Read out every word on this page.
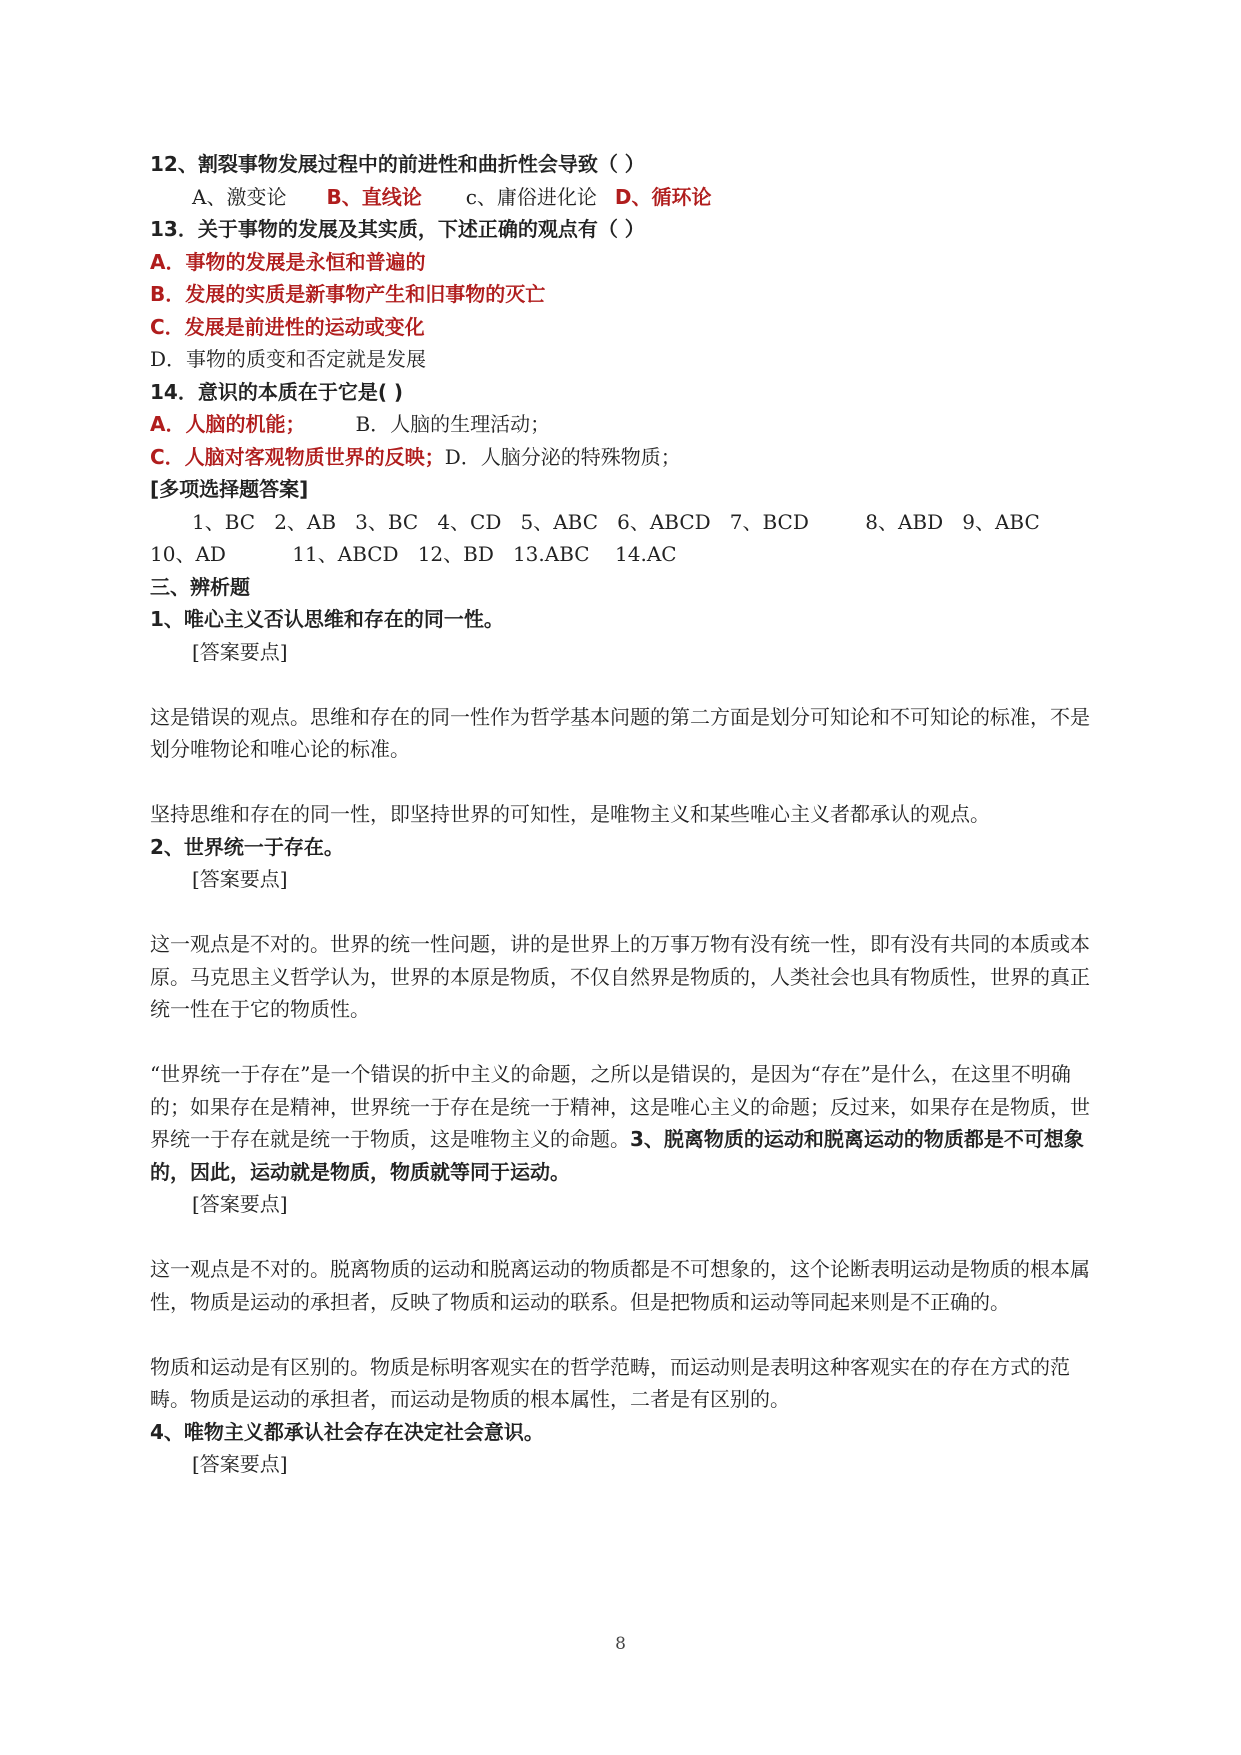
12、割裂事物发展过程中的前进性和曲折性会导致（ ）
A、激变论 B、直线论 c、庸俗进化论 D、循环论
13．关于事物的发展及其实质，下述正确的观点有（ ）
A．事物的发展是永恒和普遍的
B．发展的实质是新事物产生和旧事物的灭亡
C．发展是前进性的运动或变化
D．事物的质变和否定就是发展
14．意识的本质在于它是( )
A．人脑的机能；	B．人脑的生理活动；
C．人脑对客观物质世界的反映；D．人脑分泌的特殊物质；
[多项选择题答案]
1、BC 2、AB 3、BC 4、CD 5、ABC 6、ABCD 7、BCD	8、ABD 9、ABC
10、AD	11、ABCD 12、BD 13.ABC 14.AC
三、辨析题
1、唯心主义否认思维和存在的同一性。
[答案要点]
这是错误的观点。思维和存在的同一性作为哲学基本问题的第二方面是划分可知论和不可知论的标准，不是划分唯物论和唯心论的标准。
坚持思维和存在的同一性，即坚持世界的可知性，是唯物主义和某些唯心主义者都承认的观点。
2、世界统一于存在。
[答案要点]
这一观点是不对的。世界的统一性问题，讲的是世界上的万事万物有没有统一性，即有没有共同的本质或本原。马克思主义哲学认为，世界的本原是物质，不仅自然界是物质的，人类社会也具有物质性，世界的真正统一性在于它的物质性。
“世界统一于存在”是一个错误的折中主义的命题，之所以是错误的，是因为“存在”是什么，在这里不明确的；如果存在是精神，世界统一于存在是统一于精神，这是唯心主义的命题；反过来，如果存在是物质，世界统一于存在就是统一于物质，这是唯物主义的命题。3、脱离物质的运动和脱离运动的物质都是不可想象的，因此，运动就是物质，物质就等同于运动。
[答案要点]
这一观点是不对的。脱离物质的运动和脱离运动的物质都是不可想象的，这个论断表明运动是物质的根本属性，物质是运动的承担者，反映了物质和运动的联系。但是把物质和运动等同起来则是不正确的。
物质和运动是有区别的。物质是标明客观实在的哲学范畴，而运动则是表明这种客观实在的存在方式的范畴。物质是运动的承担者，而运动是物质的根本属性，二者是有区别的。
4、唯物主义都承认社会存在决定社会意识。
[答案要点]
8
